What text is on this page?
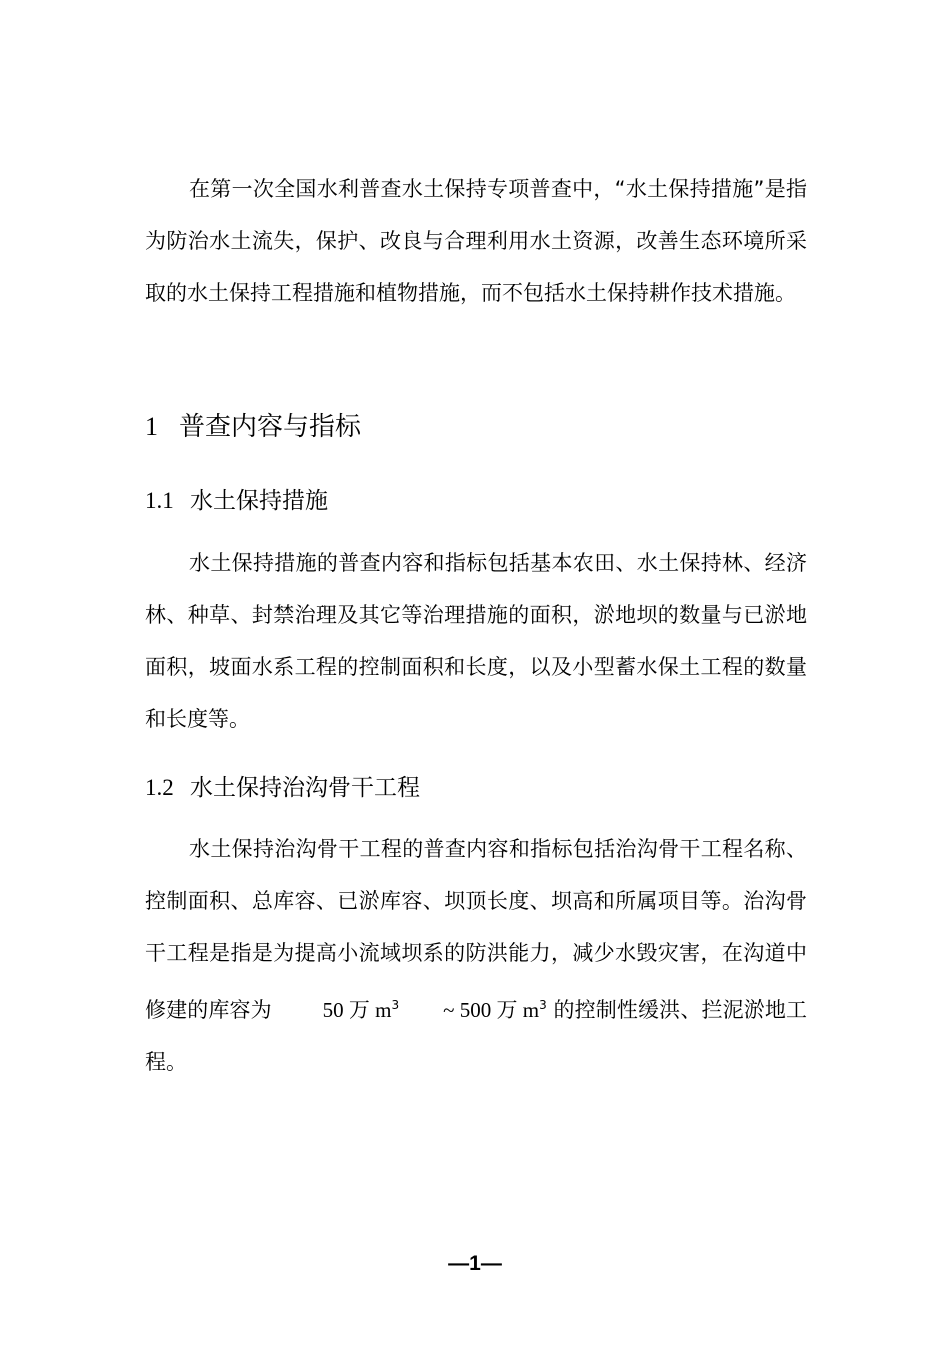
在第一次全国水利普查水土保持专项普查中，“水土保持措施”是指为防治水土流失，保护、改良与合理利用水土资源，改善生态环境所采取的水土保持工程措施和植物措施，而不包括水土保持耕作技术措施。

1 普查内容与指标

1.1 水土保持措施

水土保持措施的普查内容和指标包括基本农田、水土保持林、经济林、种草、封禁治理及其它等治理措施的面积，淤地坝的数量与已淤地面积，坡面水系工程的控制面积和长度，以及小型蓄水保土工程的数量和长度等。

1.2 水土保持治沟骨干工程

水土保持治沟骨干工程的普查内容和指标包括治沟骨干工程名称、控制面积、总库容、已淤库容、坝顶长度、坝高和所属项目等。治沟骨干工程是指是为提高小流域坝系的防洪能力，减少水毁灾害，在沟道中修建的库容为 50 万 $m^3\sim$ 500 万 $m^3$ 的控制性缓洪、拦泥淤地工程。

—1—
